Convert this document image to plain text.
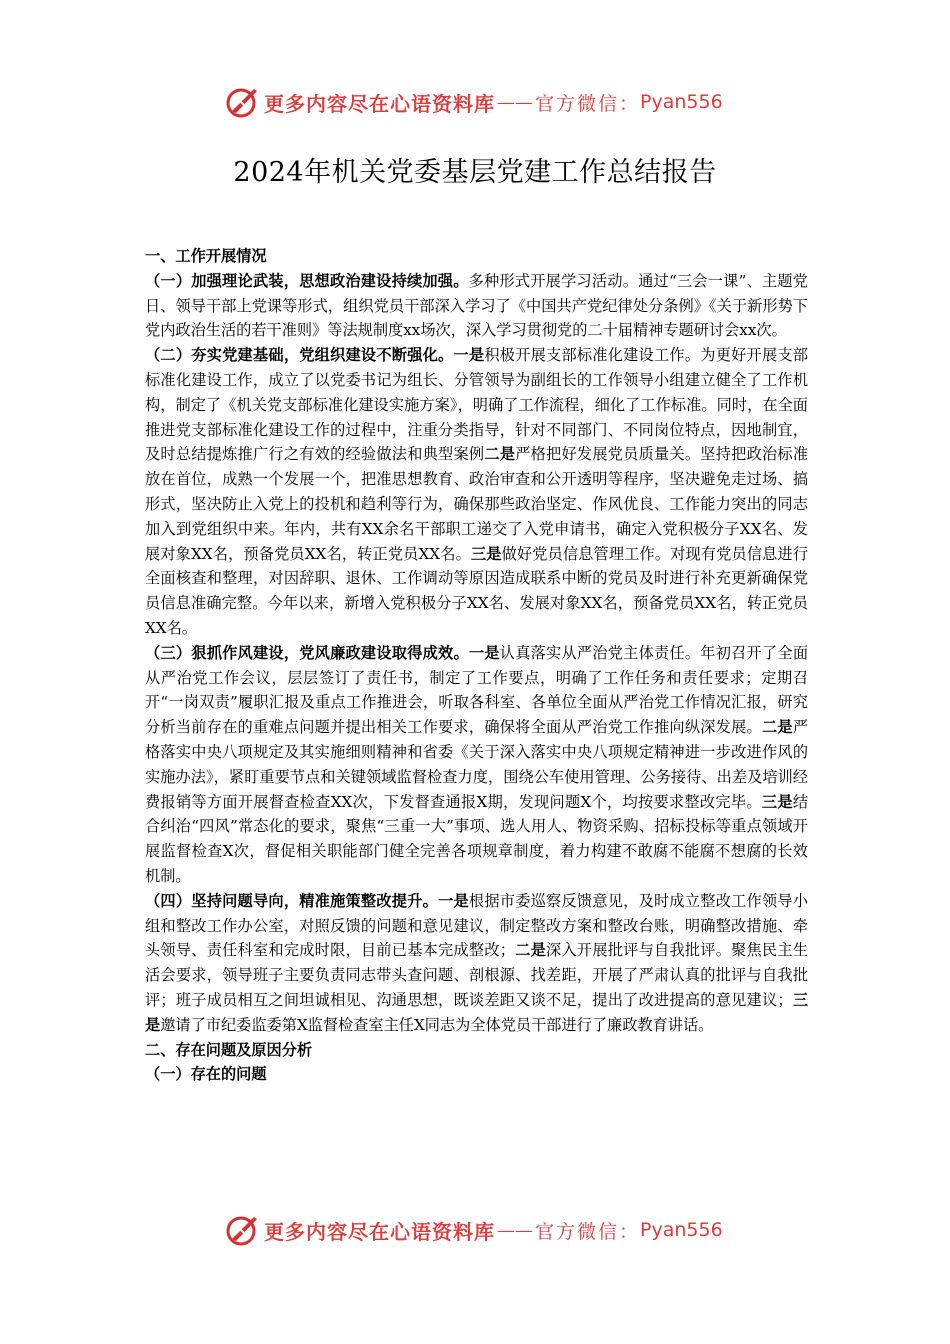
更多内容尽在心语资料库 —— 官方微信： Pyan556
2024年机关党委基层党建工作总结报告

一、工作开展情况

（一）加强理论武装，思想政治建设持续加强。多种形式开展学习活动。通过“三会一课”、主题党日、领导干部上党课等形式，组织党员干部深入学习了《中国共产党纪律处分条例》《关于新形势下党内政治生活的若干准则》等法规制度xx场次，深入学习贯彻党的二十届精神专题研讨会xx次。

（二）夯实党建基础，党组织建设不断强化。一是积极开展支部标准化建设工作。为更好开展支部标准化建设工作，成立了以党委书记为组长、分管领导为副组长的工作领导小组建立健全了工作机构，制定了《机关党支部标准化建设实施方案》，明确了工作流程，细化了工作标准。同时，在全面推进党支部标准化建设工作的过程中，注重分类指导，针对不同部门、不同岗位特点，因地制宜，及时总结提炼推广行之有效的经验做法和典型案例二是严格把好发展党员质量关。坚持把政治标准放在首位，成熟一个发展一个，把准思想教育、政治审查和公开透明等程序，坚决避免走过场、搞形式，坚决防止入党上的投机和趋利等行为，确保那些政治坚定、作风优良、工作能力突出的同志加入到党组织中来。年内，共有XX余名干部职工递交了入党申请书，确定入党积极分子XX名、发展对象XX名，预备党员XX名，转正党员XX名。三是做好党员信息管理工作。对现有党员信息进行全面核查和整理，对因辞职、退休、工作调动等原因造成联系中断的党员及时进行补充更新确保党员信息准确完整。今年以来，新增入党积极分子XX名、发展对象XX名，预备党员XX名，转正党员XX名。

（三）狠抓作风建设，党风廉政建设取得成效。一是认真落实从严治党主体责任。年初召开了全面从严治党工作会议，层层签订了责任书，制定了工作要点，明确了工作任务和责任要求；定期召开“一岗双责”履职汇报及重点工作推进会，听取各科室、各单位全面从严治党工作情况汇报，研究分析当前存在的重难点问题并提出相关工作要求，确保将全面从严治党工作推向纵深发展。二是严格落实中央八项规定及其实施细则精神和省委《关于深入落实中央八项规定精神进一步改进作风的实施办法》，紧盯重要节点和关键领域监督检查力度，围绕公车使用管理、公务接待、出差及培训经费报销等方面开展督查检查XX次，下发督查通报X期，发现问题X个，均按要求整改完毕。三是结合纠治“四风”常态化的要求，聚焦“三重一大”事项、选人用人、物资采购、招标投标等重点领域开展监督检查X次，督促相关职能部门健全完善各项规章制度，着力构建不敢腐不能腐不想腐的长效机制。

（四）坚持问题导向，精准施策整改提升。一是根据市委巡察反馈意见，及时成立整改工作领导小组和整改工作办公室，对照反馈的问题和意见建议，制定整改方案和整改台账，明确整改措施、牵头领导、责任科室和完成时限，目前已基本完成整改；二是深入开展批评与自我批评。聚焦民主生活会要求，领导班子主要负责同志带头查问题、剖根源、找差距，开展了严肃认真的批评与自我批评；班子成员相互之间坦诚相见、沟通思想，既谈差距又谈不足，提出了改进提高的意见建议；三是邀请了市纪委监委第X监督检查室主任X同志为全体党员干部进行了廉政教育讲话。

二、存在问题及原因分析

（一）存在的问题

更多内容尽在心语资料库 —— 官方微信： Pyan556
